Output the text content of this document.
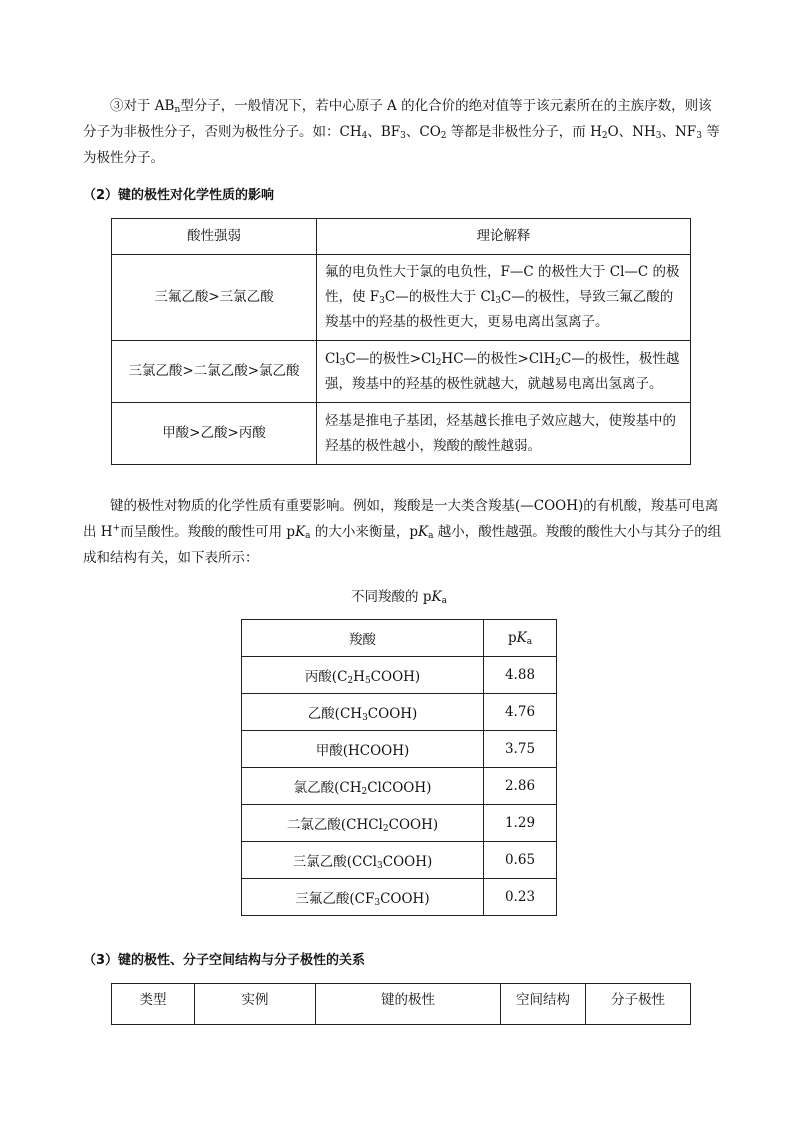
③对于 $AB_n$型分子，一般情况下，若中心原子 A 的化合价的绝对值等于该元素所在的主族序数，则该分子为非极性分子，否则为极性分子。如：$CH_4$、$BF_3$、$CO_2$ 等都是非极性分子，而 $H_2O$、$NH_3$、$NF_3$ 等为极性分子。

（2）键的极性对化学性质的影响

酸性强弱	理论解释
三氟乙酸>三氯乙酸	氟的电负性大于氯的电负性，F—C 的极性大于 Cl—C 的极性，使 $F_3C—$的极性大于 $Cl_3C—$的极性，导致三氟乙酸的羧基中的羟基的极性更大，更易电离出氢离子。
三氯乙酸>二氯乙酸>氯乙酸	$Cl_3C—$的极性$>Cl_2HC—$的极性>ClH$_2$C—的极性，极性越强，羧基中的羟基的极性就越大，就越易电离出氢离子。
甲酸>乙酸>丙酸	烃基是推电子基团，烃基越长推电子效应越大，使羧基中的羟基的极性越小，羧酸的酸性越弱。

键的极性对物质的化学性质有重要影响。例如，羧酸是一大类含羧基(—COOH)的有机酸，羧基可电离出 H+而呈酸性。羧酸的酸性可用 $pK_a$ 的大小来衡量，$pK_a$ 越小，酸性越强。羧酸的酸性大小与其分子的组成和结构有关，如下表所示：

不同羧酸的 $pK_a$

羧酸	$pK_a$
丙酸$(C_2H_5COOH)$	4.88
乙酸$(CH_3COOH)$	4.76
甲酸(HCOOH)	3.75
氯乙酸$(CH_2ClCOOH)$	2.86
二氯乙酸(CHCl$_2$COOH)	1.29
三氯乙酸(CCl$_3$COOH)	0.65
三氟乙酸$(CF_3COOH)$	0.23

（3）键的极性、分子空间结构与分子极性的关系

类型	实例	键的极性	空间结构	分子极性
